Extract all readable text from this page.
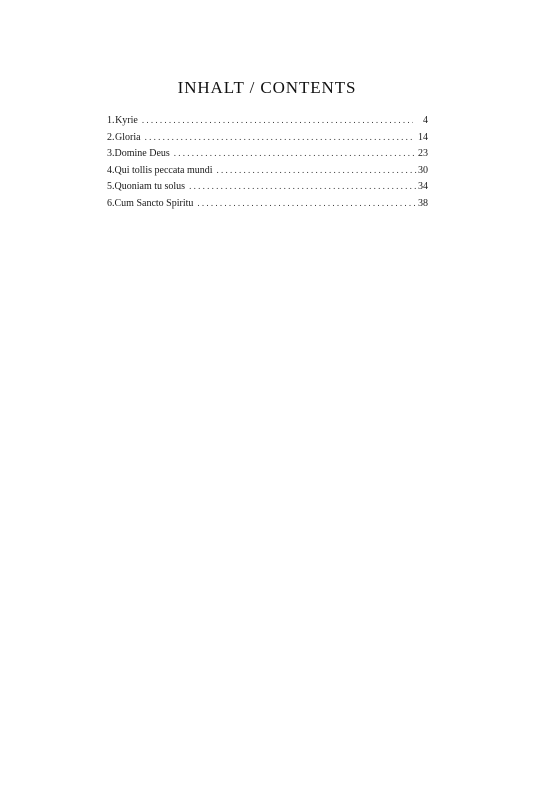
INHALT / CONTENTS
1. Kyrie . . .	4
2. Gloria . . .	14
3. Domine Deus . . .	23
4. Qui tollis peccata mundi . . .	30
5. Quoniam tu solus . . .	34
6. Cum Sancto Spiritu . . .	38
